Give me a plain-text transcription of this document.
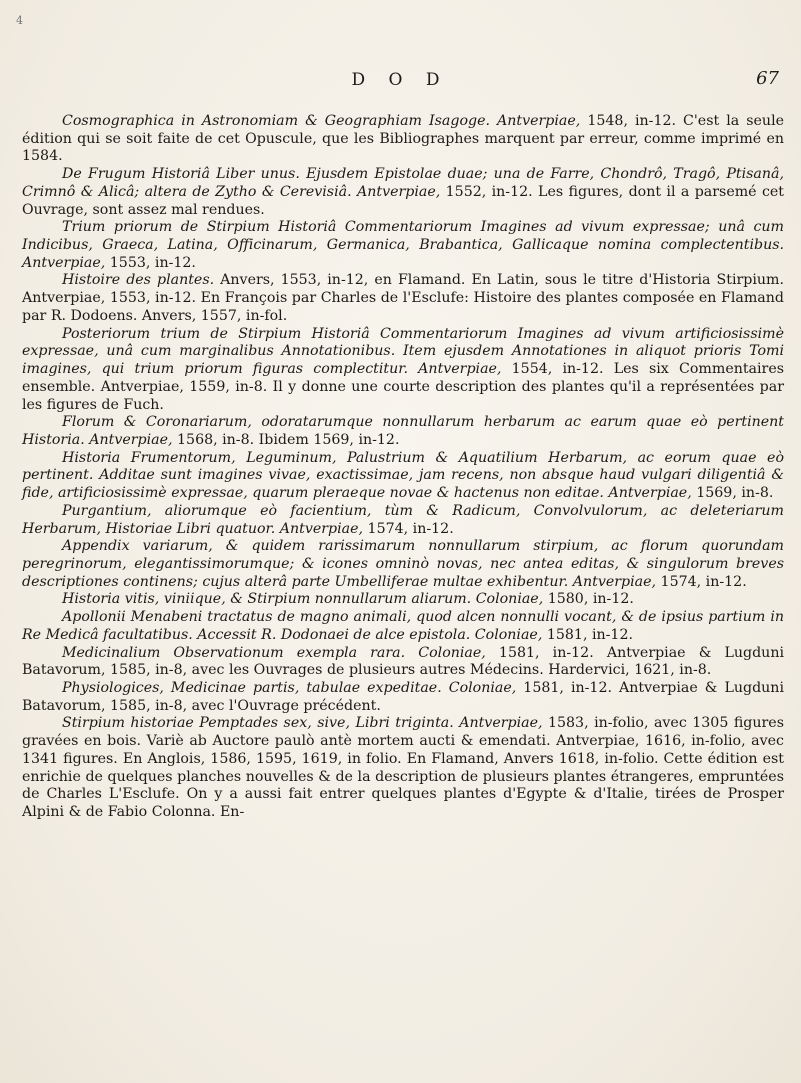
4
D O D	67

Cosmographica in Astronomiam & Geographiam Isagoge. Antverpiae, 1548, in-12. C'est la seule édition qui se soit faite de cet Opuscule, que les Bibliographes marquent par erreur, comme imprimé en 1584.

De Frugum Historiâ Liber unus. Ejusdem Epistolae duae; una de Farre, Chondrô, Tragô, Ptisanâ, Crimnô & Alicâ; altera de Zytho & Cerevisiâ. Antverpiae, 1552, in-12. Les figures, dont il a parsemé cet Ouvrage, sont assez mal rendues.

Trium priorum de Stirpium Historiâ Commentariorum Imagines ad vivum expressae; unâ cum Indicibus, Graeca, Latina, Officinarum, Germanica, Brabantica, Gallicaque nomina complectentibus. Antverpiae, 1553, in-12.

Histoire des plantes. Anvers, 1553, in-12, en Flamand. En Latin, sous le titre d'Historia Stirpium. Antverpiae, 1553, in-12. En François par Charles de l'Esclufe: Histoire des plantes composée en Flamand par R. Dodoens. Anvers, 1557, in-fol.

Posteriorum trium de Stirpium Historiâ Commentariorum Imagines ad vivum artificiosissimè expressae, unâ cum marginalibus Annotationibus. Item ejusdem Annotationes in aliquot prioris Tomi imagines, qui trium priorum figuras complectitur. Antverpiae, 1554, in-12. Les six Commentaires ensemble. Antverpiae, 1559, in-8. Il y donne une courte description des plantes qu'il a représentées par les figures de Fuch.

Florum & Coronariarum, odoratarumque nonnullarum herbarum ac earum quae eò pertinent Historia. Antverpiae, 1568, in-8. Ibidem 1569, in-12.

Historia Frumentorum, Leguminum, Palustrium & Aquatilium Herbarum, ac eorum quae eò pertinent. Additae sunt imagines vivae, exactissimae, jam recens, non absque haud vulgari diligentiâ & fide, artificiosissimè expressae, quarum pleraeque novae & hactenus non editae. Antverpiae, 1569, in-8.

Purgantium, aliorumque eò facientium, tùm & Radicum, Convolvulorum, ac deleteriarum Herbarum, Historiae Libri quatuor. Antverpiae, 1574, in-12.

Appendix variarum, & quidem rarissimarum nonnullarum stirpium, ac florum quorundam peregrinorum, elegantissimorumque; & icones omninò novas, nec antea editas, & singulorum breves descriptiones continens; cujus alterâ parte Umbelliferae multae exhibentur. Antverpiae, 1574, in-12.

Historia vitis, viniique, & Stirpium nonnullarum aliarum. Coloniae, 1580, in-12.

Apollonii Menabeni tractatus de magno animali, quod alcen nonnulli vocant, & de ipsius partium in Re Medicâ facultatibus. Accessit R. Dodonaei de alce epistola. Coloniae, 1581, in-12.

Medicinalium Observationum exempla rara. Coloniae, 1581, in-12. Antverpiae & Lugduni Batavorum, 1585, in-8, avec les Ouvrages de plusieurs autres Médecins. Hardervici, 1621, in-8.

Physiologices, Medicinae partis, tabulae expeditae. Coloniae, 1581, in-12. Antverpiae & Lugduni Batavorum, 1585, in-8, avec l'Ouvrage précédent.

Stirpium historiae Pemptades sex, sive, Libri triginta. Antverpiae, 1583, in-folio, avec 1305 figures gravées en bois. Variè ab Auctore paulò antè mortem aucti & emendati. Antverpiae, 1616, in-folio, avec 1341 figures. En Anglois, 1586, 1595, 1619, in folio. En Flamand, Anvers 1618, in-folio. Cette édition est enrichie de quelques planches nouvelles & de la description de plusieurs plantes étrangeres, empruntées de Charles L'Esclufe. On y a aussi fait entrer quelques plantes d'Egypte & d'Italie, tirées de Prosper Alpini & de Fabio Colonna. En-
